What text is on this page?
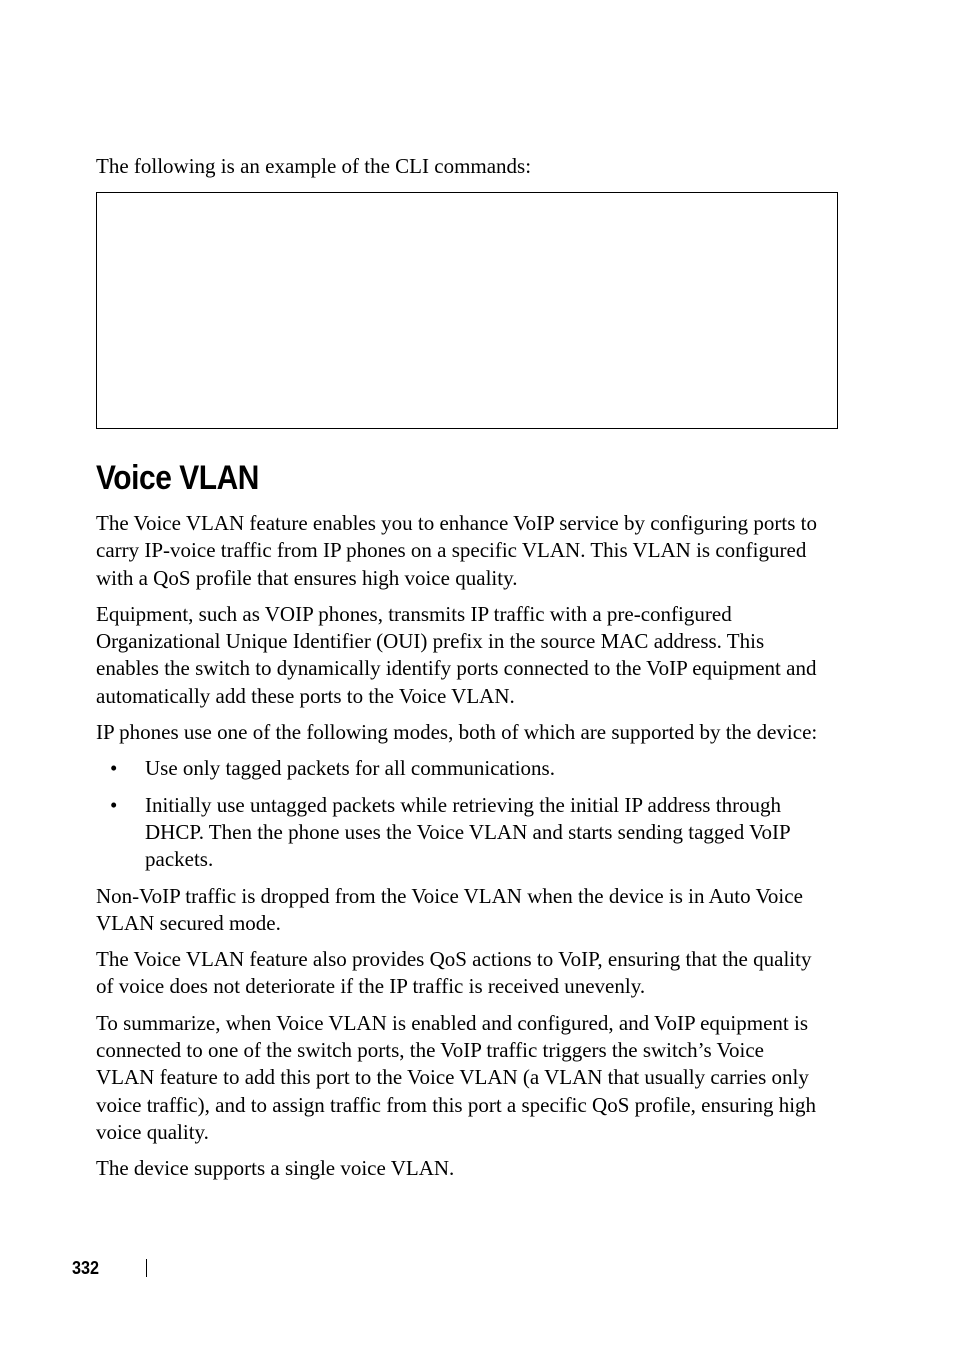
The following is an example of the CLI commands:

Voice VLAN

The Voice VLAN feature enables you to enhance VoIP service by configuring ports to carry IP-voice traffic from IP phones on a specific VLAN. This VLAN is configured with a QoS profile that ensures high voice quality.

Equipment, such as VOIP phones, transmits IP traffic with a pre-configured Organizational Unique Identifier (OUI) prefix in the source MAC address. This enables the switch to dynamically identify ports connected to the VoIP equipment and automatically add these ports to the Voice VLAN.

IP phones use one of the following modes, both of which are supported by the device:

• Use only tagged packets for all communications.
• Initially use untagged packets while retrieving the initial IP address through DHCP. Then the phone uses the Voice VLAN and starts sending tagged VoIP packets.

Non-VoIP traffic is dropped from the Voice VLAN when the device is in Auto Voice VLAN secured mode.

The Voice VLAN feature also provides QoS actions to VoIP, ensuring that the quality of voice does not deteriorate if the IP traffic is received unevenly.

To summarize, when Voice VLAN is enabled and configured, and VoIP equipment is connected to one of the switch ports, the VoIP traffic triggers the switch’s Voice VLAN feature to add this port to the Voice VLAN (a VLAN that usually carries only voice traffic), and to assign traffic from this port a specific QoS profile, ensuring high voice quality.

The device supports a single voice VLAN.

332
